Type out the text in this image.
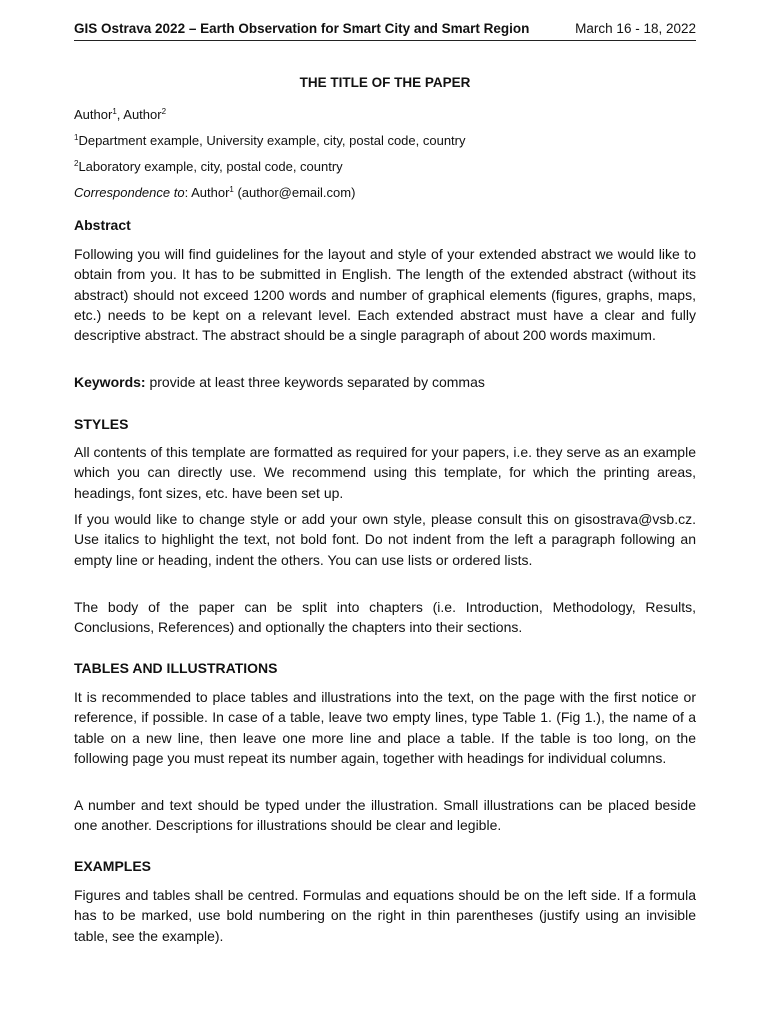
GIS Ostrava 2022 – Earth Observation for Smart City and Smart Region	March 16 - 18, 2022
THE TITLE OF THE PAPER
Author$^1$, Author$^2$
$^1$Department example, University example, city, postal code, country
$^2$Laboratory example, city, postal code, country
Correspondence to: Author$^1$ (author@email.com)
Abstract

Following you will find guidelines for the layout and style of your extended abstract we would like to obtain from you. It has to be submitted in English. The length of the extended abstract (without its abstract) should not exceed 1200 words and number of graphical elements (figures, graphs, maps, etc.) needs to be kept on a relevant level. Each extended abstract must have a clear and fully descriptive abstract. The abstract should be a single paragraph of about 200 words maximum.

Keywords: provide at least three keywords separated by commas
STYLES

All contents of this template are formatted as required for your papers, i.e. they serve as an example which you can directly use. We recommend using this template, for which the printing areas, headings, font sizes, etc. have been set up.

If you would like to change style or add your own style, please consult this on gisostrava@vsb.cz. Use italics to highlight the text, not bold font. Do not indent from the left a paragraph following an empty line or heading, indent the others. You can use lists or ordered lists.

The body of the paper can be split into chapters (i.e. Introduction, Methodology, Results, Conclusions, References) and optionally the chapters into their sections.

TABLES AND ILLUSTRATIONS

It is recommended to place tables and illustrations into the text, on the page with the first notice or reference, if possible. In case of a table, leave two empty lines, type Table 1. (Fig 1.), the name of a table on a new line, then leave one more line and place a table. If the table is too long, on the following page you must repeat its number again, together with headings for individual columns.

A number and text should be typed under the illustration. Small illustrations can be placed beside one another. Descriptions for illustrations should be clear and legible.

EXAMPLES

Figures and tables shall be centred. Formulas and equations should be on the left side. If a formula has to be marked, use bold numbering on the right in thin parentheses (justify using an invisible table, see the example).
